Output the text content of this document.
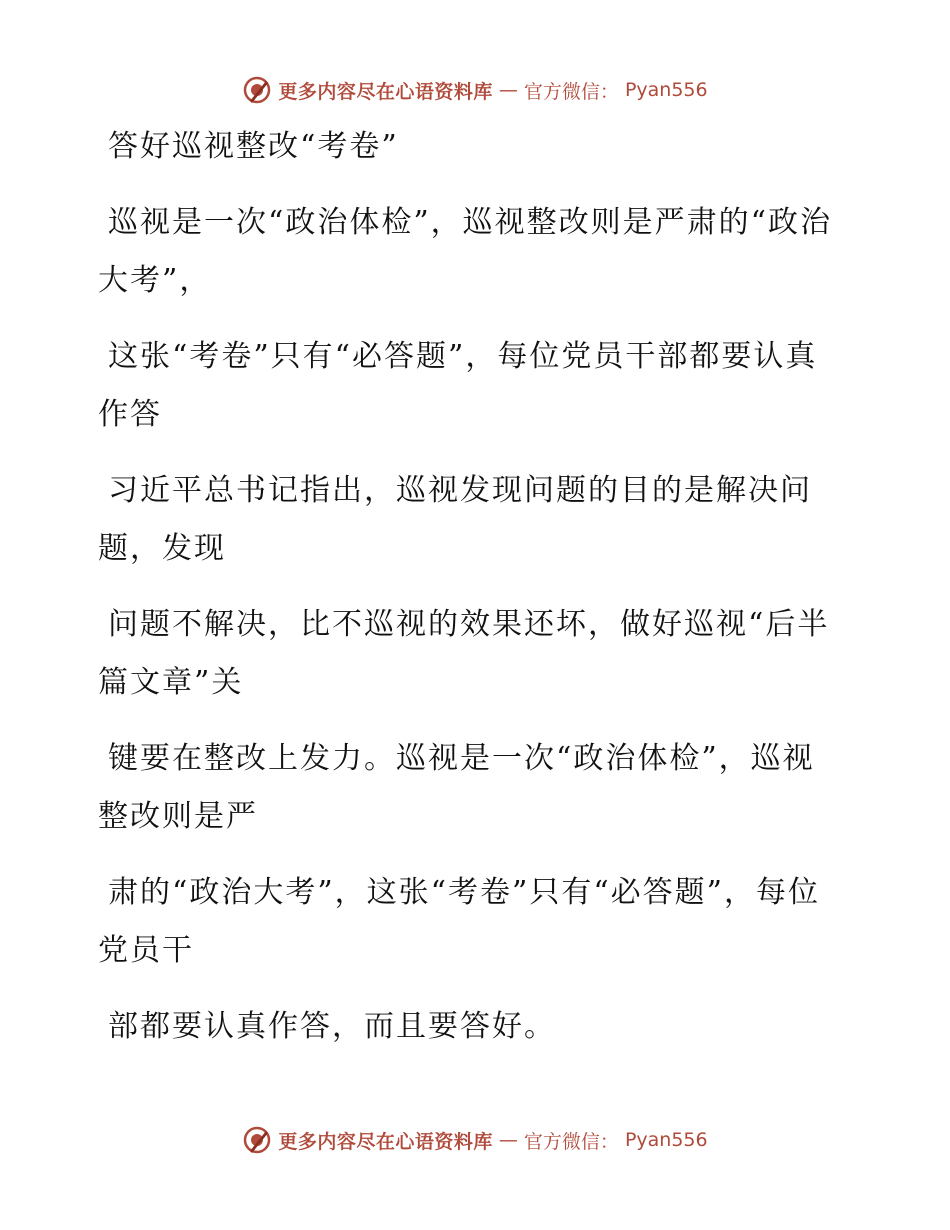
更多内容尽在心语资料库 — 官方微信： Pyan556

答好巡视整改“考卷”

巡视是一次“政治体检”，巡视整改则是严肃的“政治大考”，

这张“考卷”只有“必答题”，每位党员干部都要认真作答

习近平总书记指出，巡视发现问题的目的是解决问题，发现

问题不解决，比不巡视的效果还坏，做好巡视“后半篇文章”关

键要在整改上发力。巡视是一次“政治体检”，巡视整改则是严

肃的“政治大考”，这张“考卷”只有“必答题”，每位党员干

部都要认真作答，而且要答好。

更多内容尽在心语资料库 — 官方微信： Pyan556
